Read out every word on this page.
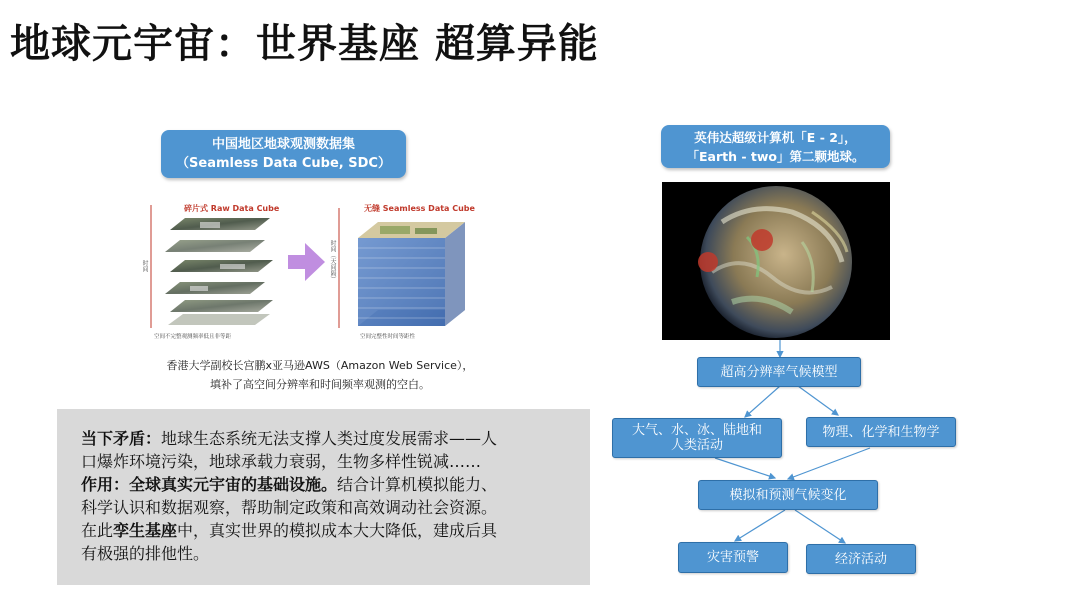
地球元宇宙：世界基座 超算异能
中国地区地球观测数据集
（Seamless Data Cube, SDC）
碎片式 Raw Data Cube	无缝 Seamless Data Cube
时间	时间（天间隔）
空间不完整观测频率低且非等距	空间完整性时间等距性
香港大学副校长宫鹏x亚马逊AWS（Amazon Web Service），
填补了高空间分辨率和时间频率观测的空白。
当下矛盾：地球生态系统无法支撑人类过度发展需求——人
口爆炸环境污染，地球承载力衰弱，生物多样性锐减……
作用：全球真实元宇宙的基础设施。结合计算机模拟能力、
科学认识和数据观察，帮助制定政策和高效调动社会资源。
在此孪生基座中，真实世界的模拟成本大大降低，建成后具
有极强的排他性。
英伟达超级计算机「E - 2」，
「Earth - two」第二颗地球。
超高分辨率气候模型
大气、水、冰、陆地和
人类活动
物理、化学和生物学
模拟和预测气候变化
灾害预警	经济活动
